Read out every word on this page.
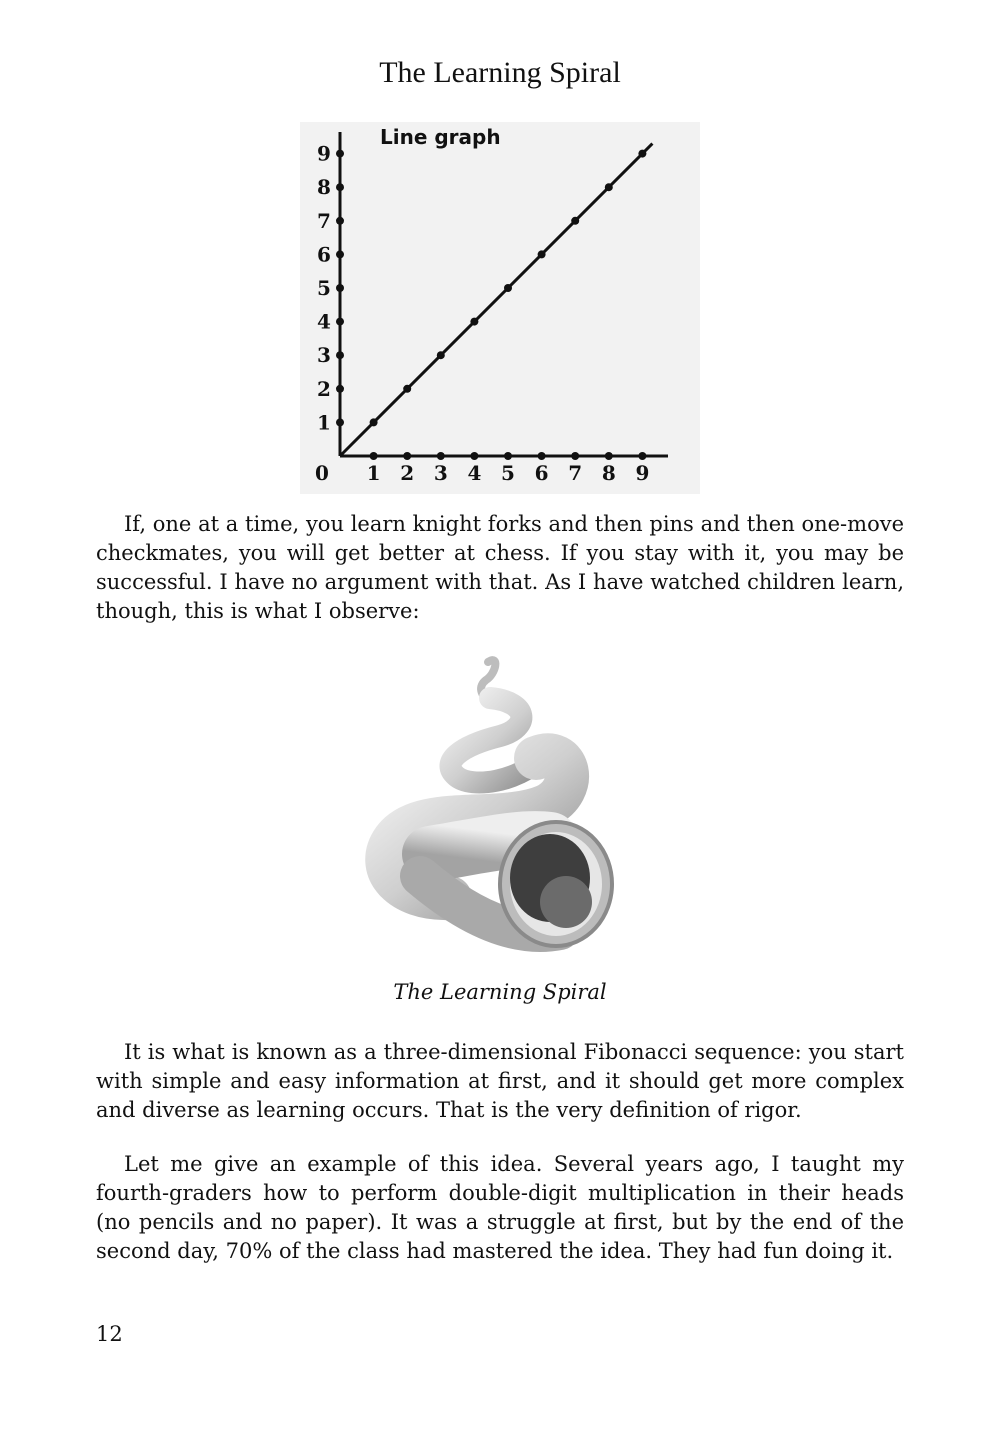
The Learning Spiral
Line graph
0 1 2 3 4 5 6 7 8 9
1
2
3
4
5
6
7
8
9

If, one at a time, you learn knight forks and then pins and then one-move checkmates, you will get better at chess. If you stay with it, you may be successful. I have no argument with that. As I have watched children learn, though, this is what I observe:

The Learning Spiral

It is what is known as a three-dimensional Fibonacci sequence: you start with simple and easy information at first, and it should get more complex and diverse as learning occurs. That is the very definition of rigor.

Let me give an example of this idea. Several years ago, I taught my fourth-graders how to perform double-digit multiplication in their heads (no pencils and no paper). It was a struggle at first, but by the end of the second day, 70% of the class had mastered the idea. They had fun doing it.

12
